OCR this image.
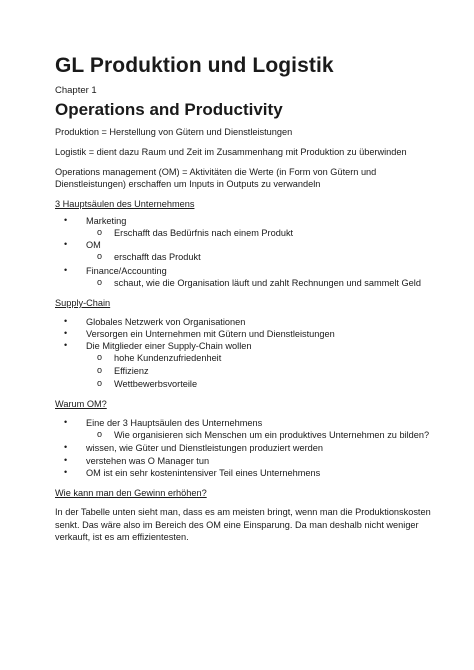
GL Produktion und Logistik
Chapter 1
Operations and Productivity
Produktion = Herstellung von Gütern und Dienstleistungen
Logistik = dient dazu Raum und Zeit im Zusammenhang mit Produktion zu überwinden
Operations management (OM) = Aktivitäten die Werte (in Form von Gütern und
Dienstleistungen) erschaffen um Inputs in Outputs zu verwandeln
3 Hauptsäulen des Unternehmens
• Marketing
o Erschafft das Bedürfnis nach einem Produkt
• OM
o erschafft das Produkt
• Finance/Accounting
o schaut, wie die Organisation läuft und zahlt Rechnungen und sammelt Geld
Supply-Chain
• Globales Netzwerk von Organisationen
• Versorgen ein Unternehmen mit Gütern und Dienstleistungen
• Die Mitglieder einer Supply-Chain wollen
o hohe Kundenzufriedenheit
o Effizienz
o Wettbewerbsvorteile
Warum OM?
• Eine der 3 Hauptsäulen des Unternehmens
o Wie organisieren sich Menschen um ein produktives Unternehmen zu bilden?
• wissen, wie Güter und Dienstleistungen produziert werden
• verstehen was O Manager tun
• OM ist ein sehr kostenintensiver Teil eines Unternehmens
Wie kann man den Gewinn erhöhen?
In der Tabelle unten sieht man, dass es am meisten bringt, wenn man die Produktionskosten
senkt. Das wäre also im Bereich des OM eine Einsparung. Da man deshalb nicht weniger
verkauft, ist es am effizientesten.
